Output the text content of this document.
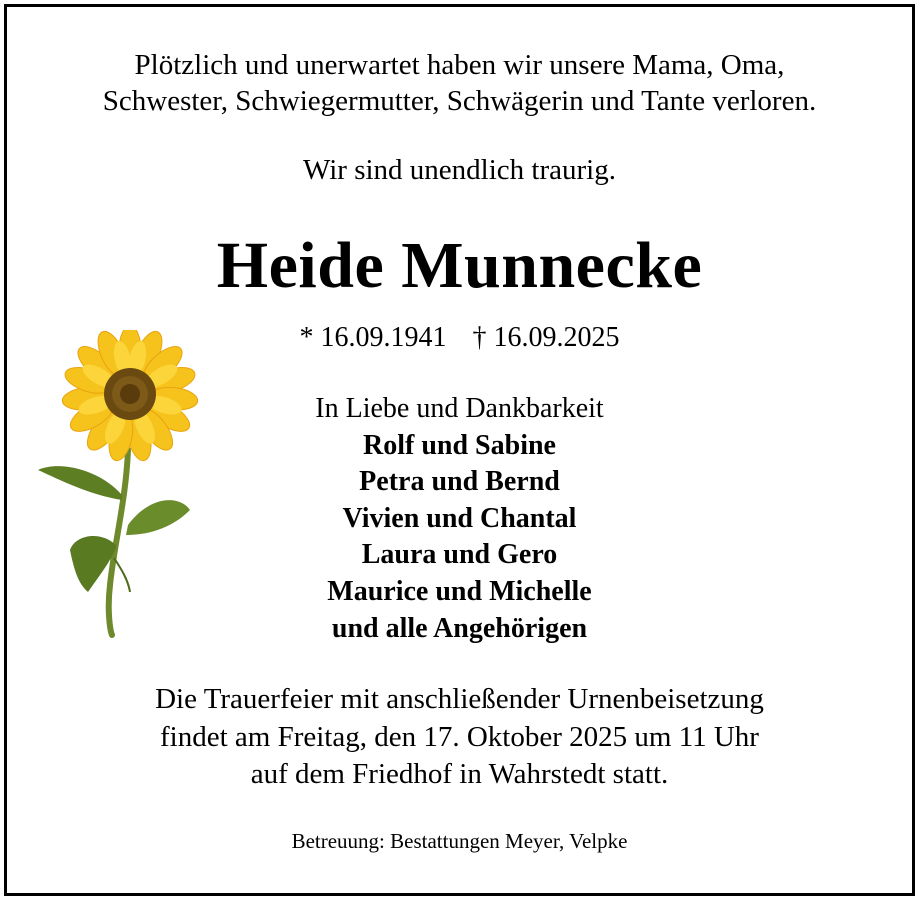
Plötzlich und unerwartet haben wir unsere Mama, Oma,
Schwester, Schwiegermutter, Schwägerin und Tante verloren.
Wir sind unendlich traurig.
Heide Munnecke
* 16.09.1941 † 16.09.2025
In Liebe und Dankbarkeit
Rolf und Sabine
Petra und Bernd
Vivien und Chantal
Laura und Gero
Maurice und Michelle
und alle Angehörigen
Die Trauerfeier mit anschließender Urnenbeisetzung
findet am Freitag, den 17. Oktober 2025 um 11 Uhr
auf dem Friedhof in Wahrstedt statt.
Betreuung: Bestattungen Meyer, Velpke
